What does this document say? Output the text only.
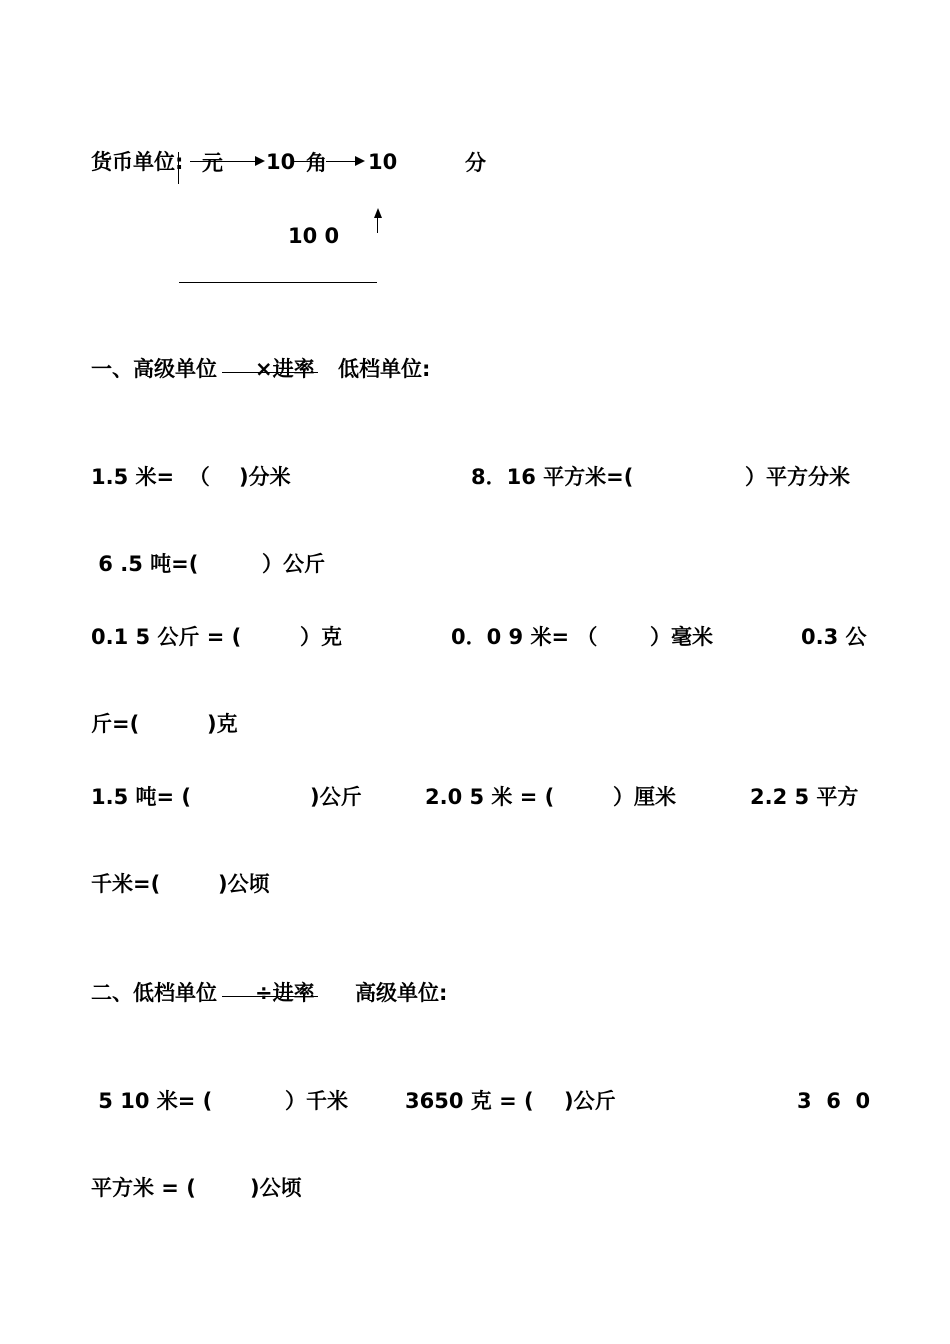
货币单位: 元 10 角 10	分
10 0
一、高级单位 ×进率 低档单位:
1.5 米=  （    )分米	8．16 平方米=(	）平方分米
6 .5 吨=(	）公斤
0.1 5 公斤 = (	）克	0．0 9 米= （	）毫米	0.3 公
斤=(	)克
1.5 吨= (	)公斤	2.0 5 米 = (	）厘米	2.2 5 平方
千米=(	)公顷
二、低档单位 ÷进率 高级单位:
5 10 米= (	）千米	3650 克 = ( )公斤	3  6  0
平方米 = (	)公顷
